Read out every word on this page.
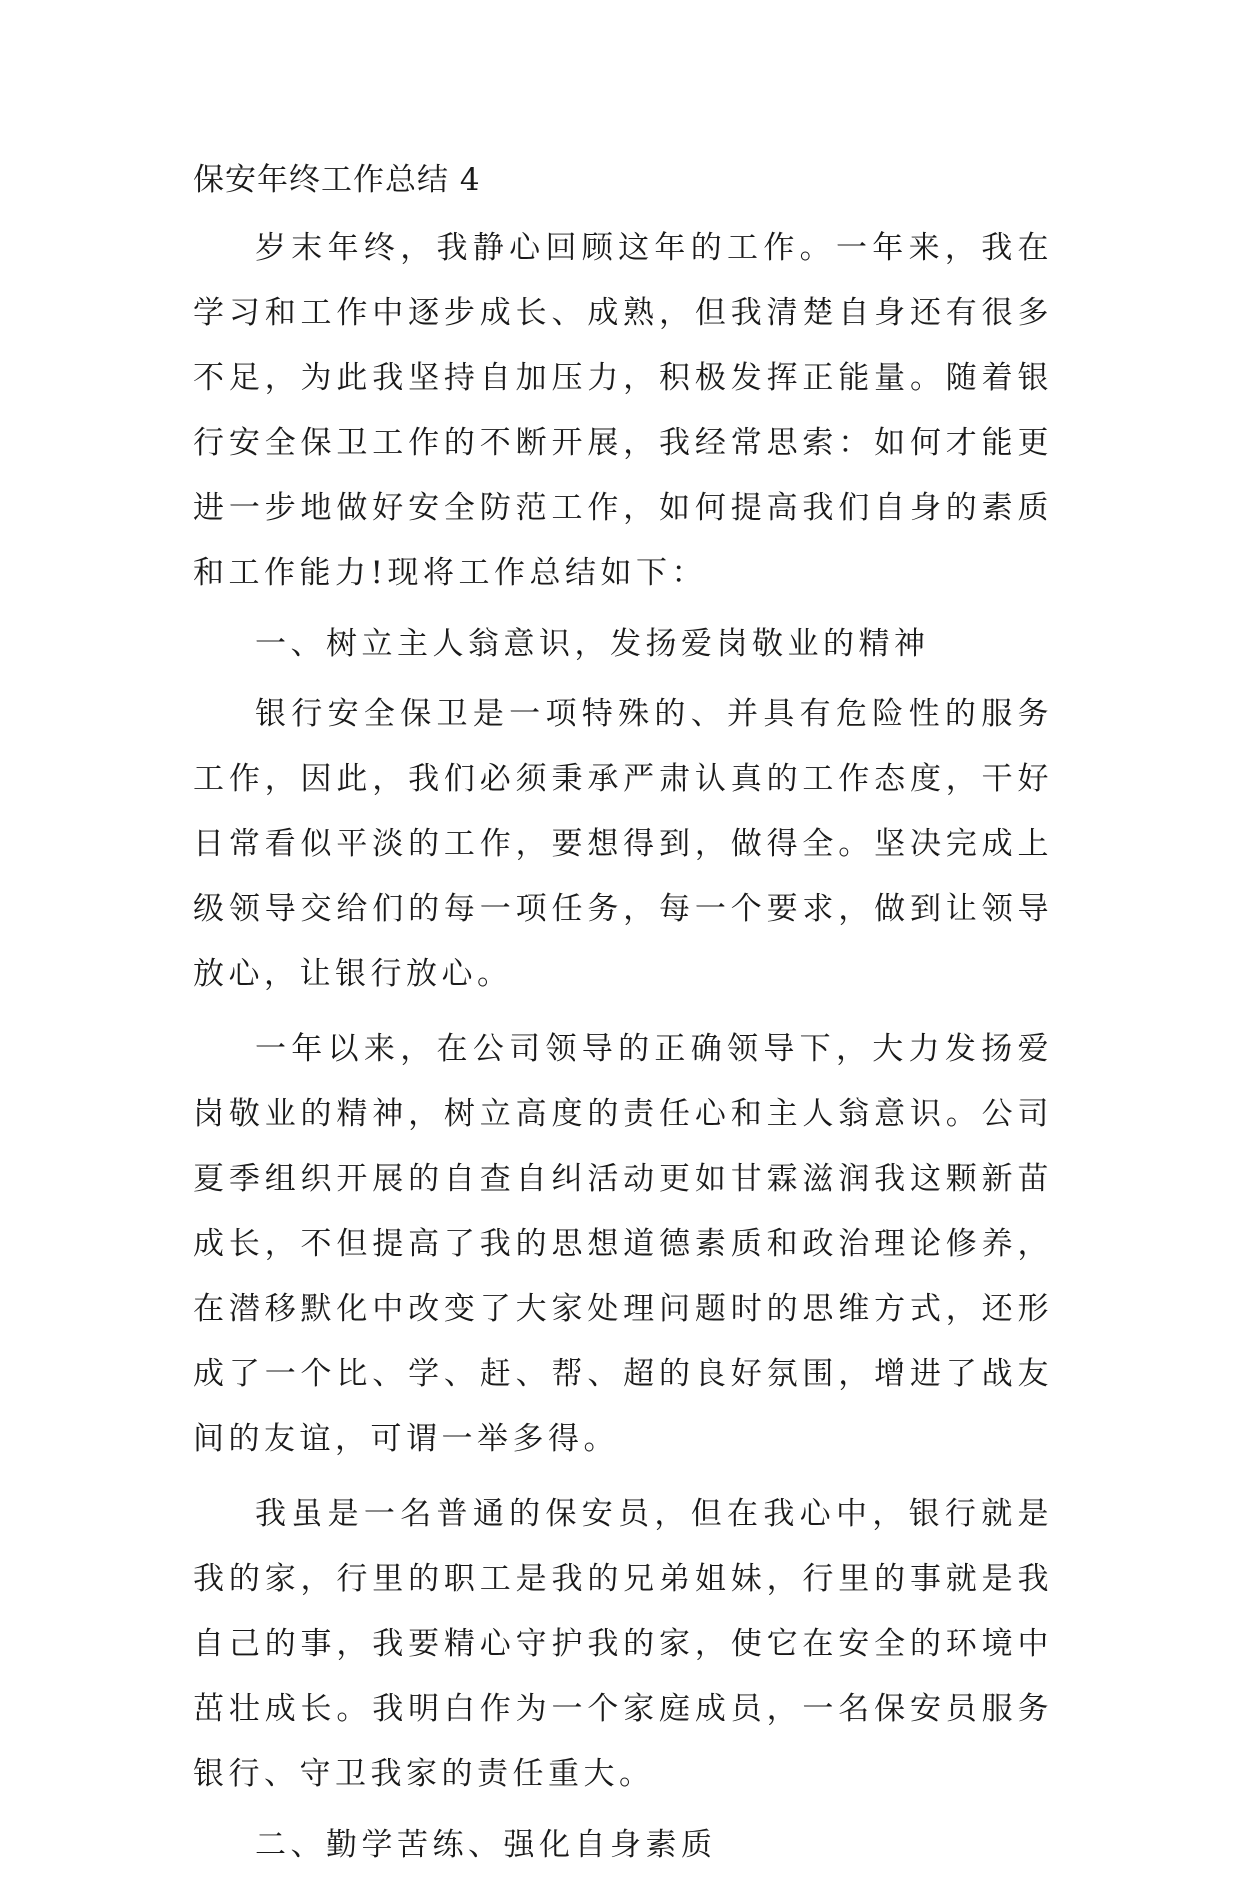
保安年终工作总结 4

岁末年终，我静心回顾这年的工作。一年来，我在学习和工作中逐步成长、成熟，但我清楚自身还有很多不足，为此我坚持自加压力，积极发挥正能量。随着银行安全保卫工作的不断开展，我经常思索：如何才能更进一步地做好安全防范工作，如何提高我们自身的素质和工作能力!现将工作总结如下：

一、树立主人翁意识，发扬爱岗敬业的精神

银行安全保卫是一项特殊的、并具有危险性的服务工作，因此，我们必须秉承严肃认真的工作态度，干好日常看似平淡的工作，要想得到，做得全。坚决完成上级领导交给们的每一项任务，每一个要求，做到让领导放心，让银行放心。

一年以来，在公司领导的正确领导下，大力发扬爱岗敬业的精神，树立高度的责任心和主人翁意识。公司夏季组织开展的自查自纠活动更如甘霖滋润我这颗新苗成长，不但提高了我的思想道德素质和政治理论修养，在潜移默化中改变了大家处理问题时的思维方式，还形成了一个比、学、赶、帮、超的良好氛围，增进了战友间的友谊，可谓一举多得。

我虽是一名普通的保安员，但在我心中，银行就是我的家，行里的职工是我的兄弟姐妹，行里的事就是我自己的事，我要精心守护我的家，使它在安全的环境中茁壮成长。我明白作为一个家庭成员，一名保安员服务银行、守卫我家的责任重大。

二、勤学苦练、强化自身素质
